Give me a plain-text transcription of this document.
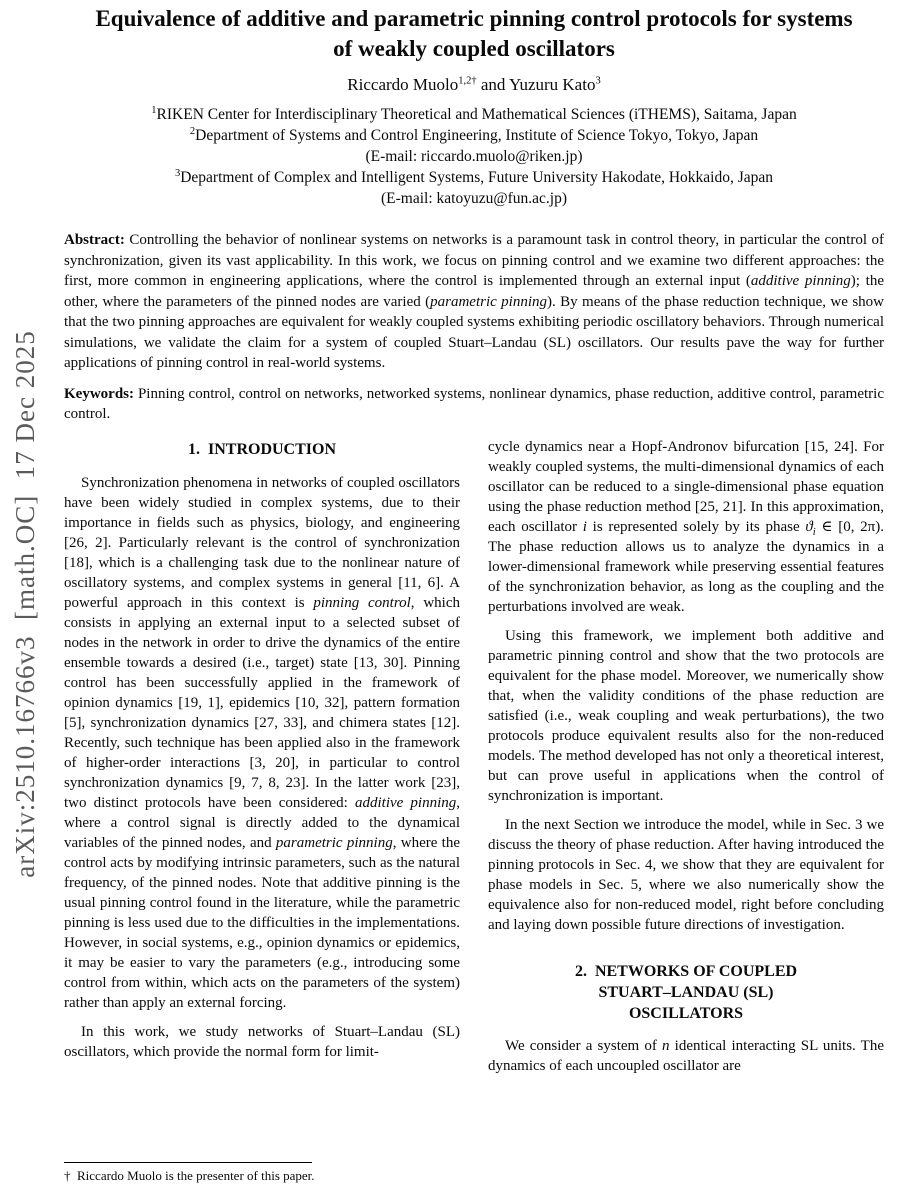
arXiv:2510.16766v3  [math.OC]  17 Dec 2025
Equivalence of additive and parametric pinning control protocols for systems
of weakly coupled oscillators
Riccardo Muolo$^{1,2\dagger}$ and Yuzuru Kato$^3$
$^1$RIKEN Center for Interdisciplinary Theoretical and Mathematical Sciences (iTHEMS), Saitama, Japan
$^2$Department of Systems and Control Engineering, Institute of Science Tokyo, Tokyo, Japan
(E-mail: riccardo.muolo@riken.jp)
$^3$Department of Complex and Intelligent Systems, Future University Hakodate, Hokkaido, Japan
(E-mail: katoyuzu@fun.ac.jp)

Abstract: Controlling the behavior of nonlinear systems on networks is a paramount task in control theory, in particular the control of synchronization, given its vast applicability. In this work, we focus on pinning control and we examine two different approaches: the first, more common in engineering applications, where the control is implemented through an external input (additive pinning); the other, where the parameters of the pinned nodes are varied (parametric pinning). By means of the phase reduction technique, we show that the two pinning approaches are equivalent for weakly coupled systems exhibiting periodic oscillatory behaviors. Through numerical simulations, we validate the claim for a system of coupled Stuart–Landau (SL) oscillators. Our results pave the way for further applications of pinning control in real-world systems.

Keywords: Pinning control, control on networks, networked systems, nonlinear dynamics, phase reduction, additive control, parametric control.

1.  INTRODUCTION

Synchronization phenomena in networks of coupled oscillators have been widely studied in complex systems, due to their importance in fields such as physics, biology, and engineering [26, 2]. Particularly relevant is the control of synchronization [18], which is a challenging task due to the nonlinear nature of oscillatory systems, and complex systems in general [11, 6]. A powerful approach in this context is pinning control, which consists in applying an external input to a selected subset of nodes in the network in order to drive the dynamics of the entire ensemble towards a desired (i.e., target) state [13, 30]. Pinning control has been successfully applied in the framework of opinion dynamics [19, 1], epidemics [10, 32], pattern formation [5], synchronization dynamics [27, 33], and chimera states [12]. Recently, such technique has been applied also in the framework of higher-order interactions [3, 20], in particular to control synchronization dynamics [9, 7, 8, 23]. In the latter work [23], two distinct protocols have been considered: additive pinning, where a control signal is directly added to the dynamical variables of the pinned nodes, and parametric pinning, where the control acts by modifying intrinsic parameters, such as the natural frequency, of the pinned nodes. Note that additive pinning is the usual pinning control found in the literature, while the parametric pinning is less used due to the difficulties in the implementations. However, in social systems, e.g., opinion dynamics or epidemics, it may be easier to vary the parameters (e.g., introducing some control from within, which acts on the parameters of the system) rather than apply an external forcing.

In this work, we study networks of Stuart–Landau (SL) oscillators, which provide the normal form for limit-

cycle dynamics near a Hopf-Andronov bifurcation [15, 24]. For weakly coupled systems, the multi-dimensional dynamics of each oscillator can be reduced to a single-dimensional phase equation using the phase reduction method [25, 21]. In this approximation, each oscillator i is represented solely by its phase $ϑ_i$ ∈ [0, 2π). The phase reduction allows us to analyze the dynamics in a lower-dimensional framework while preserving essential features of the synchronization behavior, as long as the coupling and the perturbations involved are weak.

Using this framework, we implement both additive and parametric pinning control and show that the two protocols are equivalent for the phase model. Moreover, we numerically show that, when the validity conditions of the phase reduction are satisfied (i.e., weak coupling and weak perturbations), the two protocols produce equivalent results also for the non-reduced models. The method developed has not only a theoretical interest, but can prove useful in applications when the control of synchronization is important.

In the next Section we introduce the model, while in Sec. 3 we discuss the theory of phase reduction. After having introduced the pinning protocols in Sec. 4, we show that they are equivalent for phase models in Sec. 5, where we also numerically show the equivalence also for non-reduced model, right before concluding and laying down possible future directions of investigation.

2.  NETWORKS OF COUPLED
STUART–LANDAU (SL)
OSCILLATORS

We consider a system of n identical interacting SL units. The dynamics of each uncoupled oscillator are

†  Riccardo Muolo is the presenter of this paper.
